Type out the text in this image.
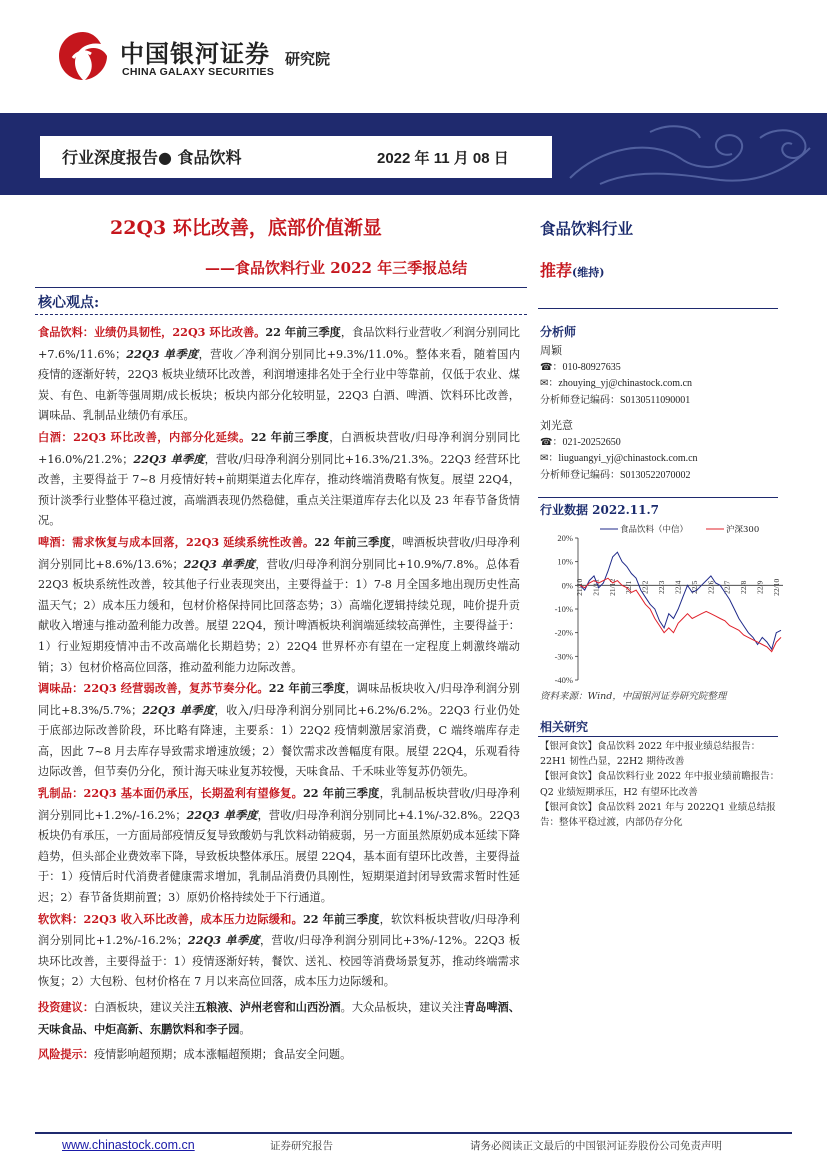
中国银河证券
CHINA GALAXY SECURITIES
研究院
行业深度报告● 食品饮料	2022 年 11 月 08 日
22Q3 环比改善，底部价值渐显
——食品饮料行业 2022 年三季报总结
核心观点:

食品饮料：业绩仍具韧性，22Q3 环比改善。22 年前三季度，食品饮料行业营收／利润分别同比+7.6%/11.6%；22Q3 单季度，营收／净利润分别同比+9.3%/11.0%。整体来看，随着国内疫情的逐渐好转，22Q3 板块业绩环比改善，利润增速排名处于全行业中等靠前，仅低于农业、煤炭、有色、电新等强周期/成长板块；板块内部分化较明显，22Q3 白酒、啤酒、饮料环比改善，调味品、乳制品业绩仍有承压。

白酒：22Q3 环比改善，内部分化延续。22 年前三季度，白酒板块营收/归母净利润分别同比+16.0%/21.2%；22Q3 单季度，营收/归母净利润分别同比+16.3%/21.3%。22Q3 经营环比改善，主要得益于 7~8 月疫情好转+前期渠道去化库存，推动终端消费略有恢复。展望 22Q4，预计淡季行业整体平稳过渡，高端酒表现仍然稳健，重点关注渠道库存去化以及 23 年春节备货情况。

啤酒：需求恢复与成本回落，22Q3 延续系统性改善。22 年前三季度，啤酒板块营收/归母净利润分别同比+8.6%/13.6%；22Q3 单季度，营收/归母净利润分别同比+10.9%/7.8%。总体看 22Q3 板块系统性改善，较其他子行业表现突出，主要得益于：1）7-8 月全国多地出现历史性高温天气；2）成本压力缓和，包材价格保持同比回落态势；3）高端化逻辑持续兑现，吨价提升贡献收入增速与推动盈利能力改善。展望 22Q4，预计啤酒板块利润端延续较高弹性，主要得益于：1）行业短期疫情冲击不改高端化长期趋势；2）22Q4 世界杯亦有望在一定程度上刺激终端动销；3）包材价格高位回落，推动盈利能力边际改善。

调味品：22Q3 经营弱改善，复苏节奏分化。22 年前三季度，调味品板块收入/归母净利润分别同比+8.3%/5.7%；22Q3 单季度，收入/归母净利润分别同比+6.2%/6.2%。22Q3 行业仍处于底部边际改善阶段，环比略有降速，主要系：1）22Q2 疫情刺激居家消费，C 端终端库存走高，因此 7~8 月去库存导致需求增速放缓；2）餐饮需求改善幅度有限。展望 22Q4，乐观看待边际改善，但节奏仍分化，预计海天味业复苏较慢，天味食品、千禾味业等复苏仍领先。

乳制品：22Q3 基本面仍承压，长期盈利有望修复。22 年前三季度，乳制品板块营收/归母净利润分别同比+1.2%/-16.2%；22Q3 单季度，营收/归母净利润分别同比+4.1%/-32.8%。22Q3 板块仍有承压，一方面局部疫情反复导致酸奶与乳饮料动销疲弱，另一方面虽然原奶成本延续下降趋势，但头部企业费效率下降，导致板块整体承压。展望 22Q4，基本面有望环比改善，主要得益于：1）疫情后时代消费者健康需求增加，乳制品消费仍具刚性，短期渠道封闭导致需求暂时性延迟；2）春节备货期前置；3）原奶价格持续处于下行通道。

软饮料：22Q3 收入环比改善，成本压力边际缓和。22 年前三季度，软饮料板块营收/归母净利润分别同比+1.2%/-16.2%；22Q3 单季度，营收/归母净利润分别同比+3%/-12%。22Q3 板块环比改善，主要得益于：1）疫情逐渐好转，餐饮、送礼、校园等消费场景复苏，推动终端需求恢复；2）大包粉、包材价格在 7 月以来高位回落，成本压力边际缓和。

投资建议：白酒板块，建议关注五粮液、泸州老窖和山西汾酒。大众品板块，建议关注青岛啤酒、天味食品、中炬高新、东鹏饮料和李子园。

风险提示：疫情影响超预期；成本涨幅超预期；食品安全问题。

食品饮料行业
推荐(维持)
分析师
周颖
☎：010-80927635
✉：zhouying_yj@chinastock.com.cn
分析师登记编码：S0130511090001
刘光意
☎：021-20252650
✉：liuguangyi_yj@chinastock.com.cn
分析师登记编码：S0130522070002
行业数据 2022.11.7
20%
10%
0%
-10%
-20%
-30%
-40%
21/10 21/11 21/12 22/1 22/2 22/3 22/4 22/5 22/6 22/7 22/8 22/9 22/10
食品饮料（中信）	沪深300
资料来源：Wind，中国银河证券研究院整理
相关研究
【银河食饮】食品饮料 2022 年中报业绩总结报告：22H1 韧性凸显，22H2 期待改善
【银河食饮】食品饮料行业 2022 年中报业绩前瞻报告：Q2 业绩短期承压，H2 有望环比改善
【银河食饮】食品饮料 2021 年与 2022Q1 业绩总结报告：整体平稳过渡，内部仍存分化
www.chinastock.com.cn	证券研究报告	请务必阅读正文最后的中国银河证券股份公司免责声明
